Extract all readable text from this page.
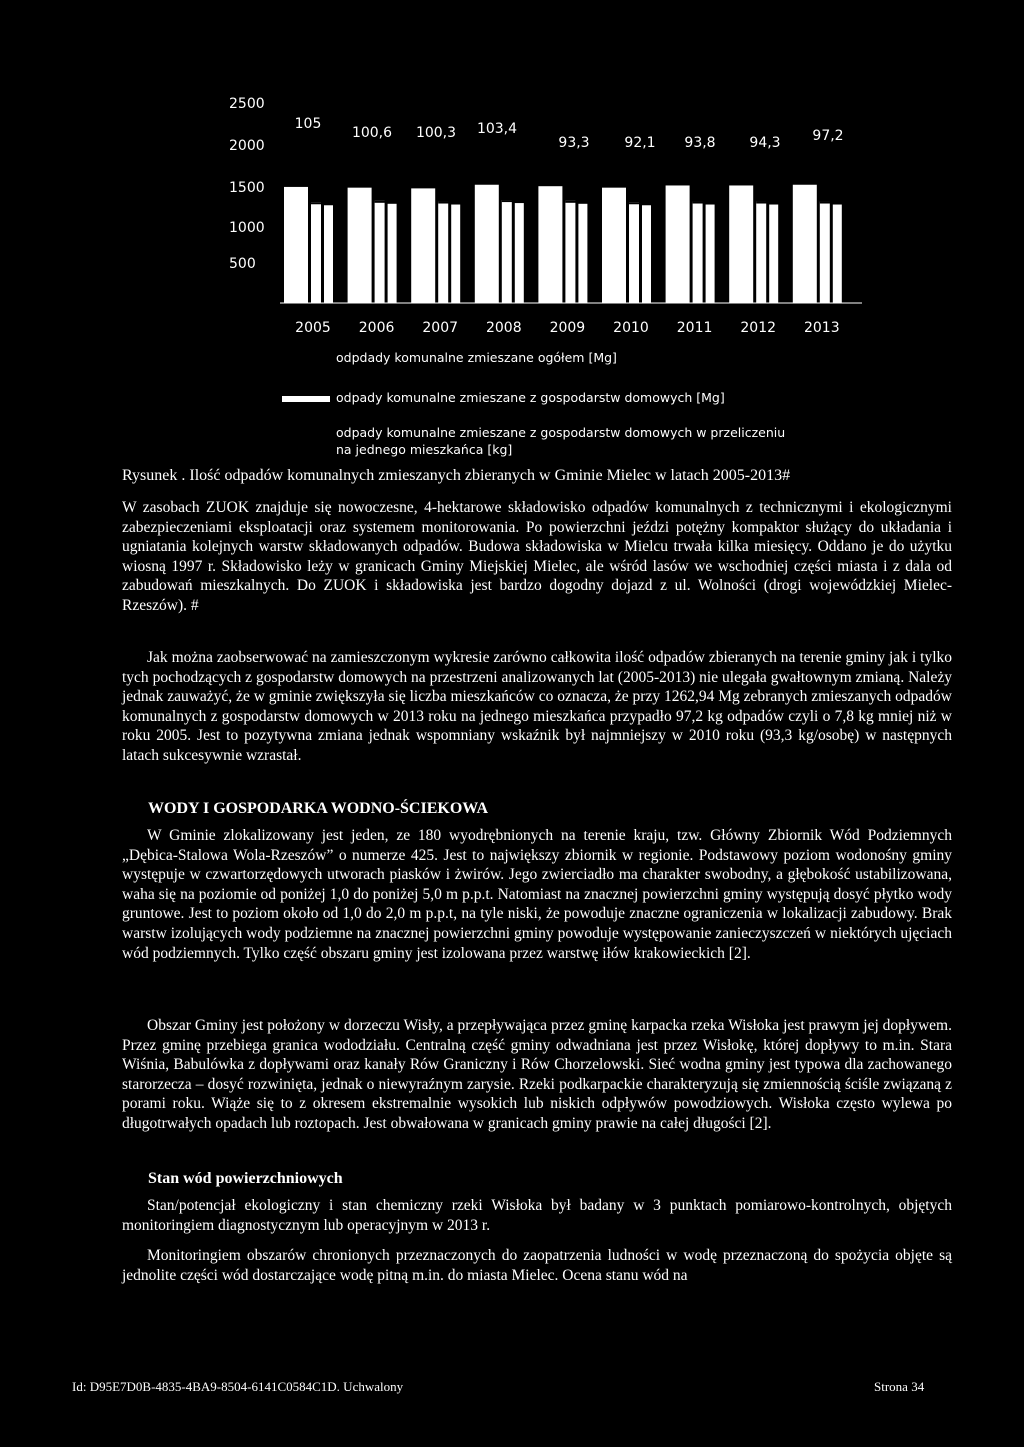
2500
2000
1500
1000
500
2005 2006 2007 2008 2009 2010 2011 2012 2013
105
100,6 100,3 103,4
93,3 92,1 93,8 94,3 97,2
odpdady komunalne zmieszane ogółem [Mg]
odpady komunalne zmieszane z gospodarstw domowych [Mg]
odpady komunalne zmieszane z gospodarstw domowych w przeliczeniu
na jednego mieszkańca [kg]
Rysunek . Ilość odpadów komunalnych zmieszanych zbieranych w Gminie Mielec w latach 2005-2013#

W zasobach ZUOK znajduje się nowoczesne, 4-hektarowe składowisko odpadów komunalnych z technicznymi i ekologicznymi zabezpieczeniami eksploatacji oraz systemem monitorowania. Po powierzchni jeździ potężny kompaktor służący do układania i ugniatania kolejnych warstw składowanych odpadów. Budowa składowiska w Mielcu trwała kilka miesięcy. Oddano je do użytku wiosną 1997 r. Składowisko leży w granicach Gminy Miejskiej Mielec, ale wśród lasów we wschodniej części miasta i z dala od zabudowań mieszkalnych. Do ZUOK i składowiska jest bardzo dogodny dojazd z ul. Wolności (drogi wojewódzkiej Mielec-Rzeszów). #

Jak można zaobserwować na zamieszczonym wykresie zarówno całkowita ilość odpadów zbieranych na terenie gminy jak i tylko tych pochodzących z gospodarstw domowych na przestrzeni analizowanych lat (2005-2013) nie ulegała gwałtownym zmianą. Należy jednak zauważyć, że w gminie zwiększyła się liczba mieszkańców co oznacza, że przy 1262,94 Mg zebranych zmieszanych odpadów komunalnych z gospodarstw domowych w 2013 roku na jednego mieszkańca przypadło 97,2 kg odpadów czyli o 7,8 kg mniej niż w roku 2005. Jest to pozytywna zmiana jednak wspomniany wskaźnik był najmniejszy w 2010 roku (93,3 kg/osobę) w następnych latach sukcesywnie wzrastał.

WODY I GOSPODARKA WODNO-ŚCIEKOWA

W Gminie zlokalizowany jest jeden, ze 180 wyodrębnionych na terenie kraju, tzw. Główny Zbiornik Wód Podziemnych „Dębica-Stalowa Wola-Rzeszów” o numerze 425. Jest to największy zbiornik w regionie. Podstawowy poziom wodonośny gminy występuje w czwartorzędowych utworach piasków i żwirów. Jego zwierciadło ma charakter swobodny, a głębokość ustabilizowana, waha się na poziomie od poniżej 1,0 do poniżej 5,0 m p.p.t. Natomiast na znacznej powierzchni gminy występują dosyć płytko wody gruntowe. Jest to poziom około od 1,0 do 2,0 m p.p.t, na tyle niski, że powoduje znaczne ograniczenia w lokalizacji zabudowy. Brak warstw izolujących wody podziemne na znacznej powierzchni gminy powoduje występowanie zanieczyszczeń w niektórych ujęciach wód podziemnych. Tylko część obszaru gminy jest izolowana przez warstwę iłów krakowieckich [2].

Obszar Gminy jest położony w dorzeczu Wisły, a przepływająca przez gminę karpacka rzeka Wisłoka jest prawym jej dopływem. Przez gminę przebiega granica wododziału. Centralną część gminy odwadniana jest przez Wisłokę, której dopływy to m.in. Stara Wiśnia, Babulówka z dopływami oraz kanały Rów Graniczny i Rów Chorzelowski. Sieć wodna gminy jest typowa dla zachowanego starorzecza – dosyć rozwinięta, jednak o niewyraźnym zarysie. Rzeki podkarpackie charakteryzują się zmiennością ściśle związaną z porami roku. Wiąże się to z okresem ekstremalnie wysokich lub niskich odpływów powodziowych. Wisłoka często wylewa po długotrwałych opadach lub roztopach. Jest obwałowana w granicach gminy prawie na całej długości [2].

Stan wód powierzchniowych

Stan/potencjał ekologiczny i stan chemiczny rzeki Wisłoka był badany w 3 punktach pomiarowo-kontrolnych, objętych monitoringiem diagnostycznym lub operacyjnym w 2013 r.

Monitoringiem obszarów chronionych przeznaczonych do zaopatrzenia ludności w wodę przeznaczoną do spożycia objęte są jednolite części wód dostarczające wodę pitną m.in. do miasta Mielec. Ocena stanu wód na

Id: D95E7D0B-4835-4BA9-8504-6141C0584C1D. Uchwalony	Strona 34
